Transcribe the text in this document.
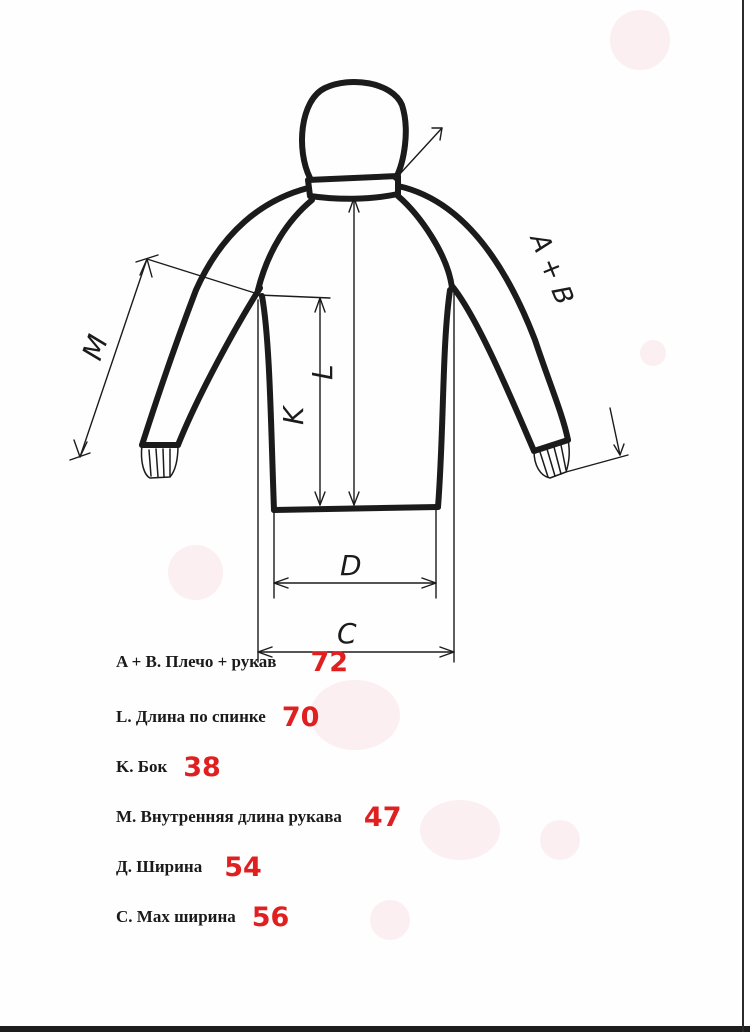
A + B
L
K
M
D
C
A + B. Плечо + рукав 72
L. Длина по спинке 70
K. Бок 38
M. Внутренняя длина рукава 47
Д. Ширина 54
C. Мах ширина 56
